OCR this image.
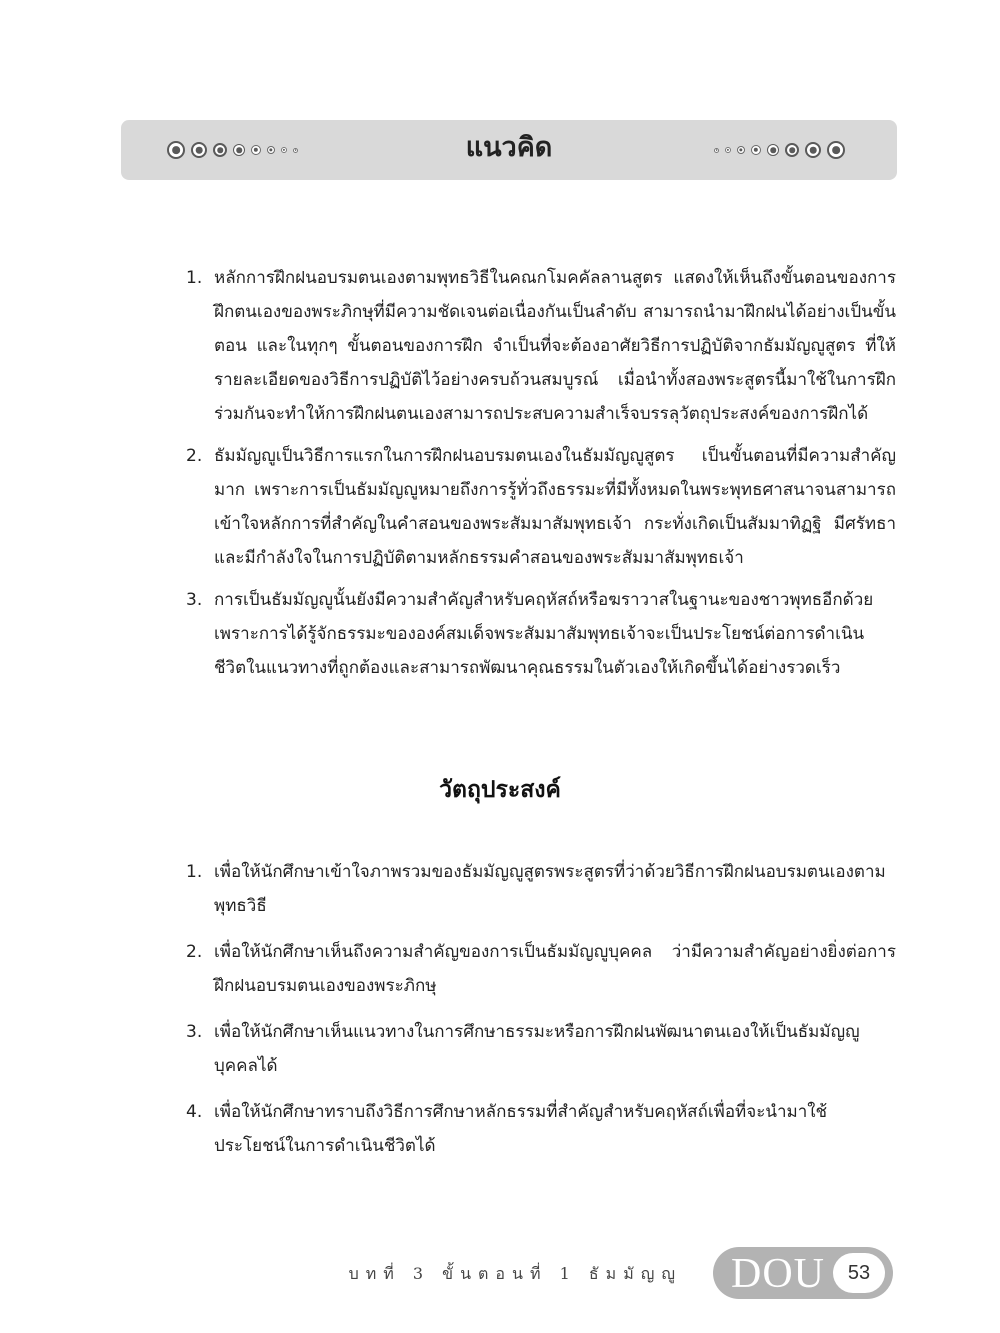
แนวคิด
1. หลักการฝึกฝนอบรมตนเองตามพุทธวิธีในคณกโมคคัลลานสูตร แสดงให้เห็นถึงขั้นตอนของการฝึกตนเองของพระภิกษุที่มีความชัดเจนต่อเนื่องกันเป็นลำดับ สามารถนำมาฝึกฝนได้อย่างเป็นขั้นตอน และในทุกๆ ขั้นตอนของการฝึก จำเป็นที่จะต้องอาศัยวิธีการปฏิบัติจากธัมมัญญูสูตร ที่ให้รายละเอียดของวิธีการปฏิบัติไว้อย่างครบถ้วนสมบูรณ์ เมื่อนำทั้งสองพระสูตรนี้มาใช้ในการฝึกร่วมกันจะทำให้การฝึกฝนตนเองสามารถประสบความสำเร็จบรรลุวัตถุประสงค์ของการฝึกได้
2. ธัมมัญญูเป็นวิธีการแรกในการฝึกฝนอบรมตนเองในธัมมัญญูสูตร เป็นขั้นตอนที่มีความสำคัญมาก เพราะการเป็นธัมมัญญูหมายถึงการรู้ทั่วถึงธรรมะที่มีทั้งหมดในพระพุทธศาสนาจนสามารถเข้าใจหลักการที่สำคัญในคำสอนของพระสัมมาสัมพุทธเจ้า กระทั่งเกิดเป็นสัมมาทิฏฐิ มีศรัทธา และมีกำลังใจในการปฏิบัติตามหลักธรรมคำสอนของพระสัมมาสัมพุทธเจ้า
3. การเป็นธัมมัญญูนั้นยังมีความสำคัญสำหรับคฤหัสถ์หรือฆราวาสในฐานะของชาวพุทธอีกด้วย เพราะการได้รู้จักธรรมะขององค์สมเด็จพระสัมมาสัมพุทธเจ้าจะเป็นประโยชน์ต่อการดำเนินชีวิตในแนวทางที่ถูกต้องและสามารถพัฒนาคุณธรรมในตัวเองให้เกิดขึ้นได้อย่างรวดเร็ว
วัตถุประสงค์
1. เพื่อให้นักศึกษาเข้าใจภาพรวมของธัมมัญญูสูตรพระสูตรที่ว่าด้วยวิธีการฝึกฝนอบรมตนเองตามพุทธวิธี
2. เพื่อให้นักศึกษาเห็นถึงความสำคัญของการเป็นธัมมัญญูบุคคล ว่ามีความสำคัญอย่างยิ่งต่อการฝึกฝนอบรมตนเองของพระภิกษุ
3. เพื่อให้นักศึกษาเห็นแนวทางในการศึกษาธรรมะหรือการฝึกฝนพัฒนาตนเองให้เป็นธัมมัญญูบุคคลได้
4. เพื่อให้นักศึกษาทราบถึงวิธีการศึกษาหลักธรรมที่สำคัญสำหรับคฤหัสถ์เพื่อที่จะนำมาใช้ประโยชน์ในการดำเนินชีวิตได้
บทที่ 3 ขั้นตอนที่ 1 ธัมมัญญู DOU	53
